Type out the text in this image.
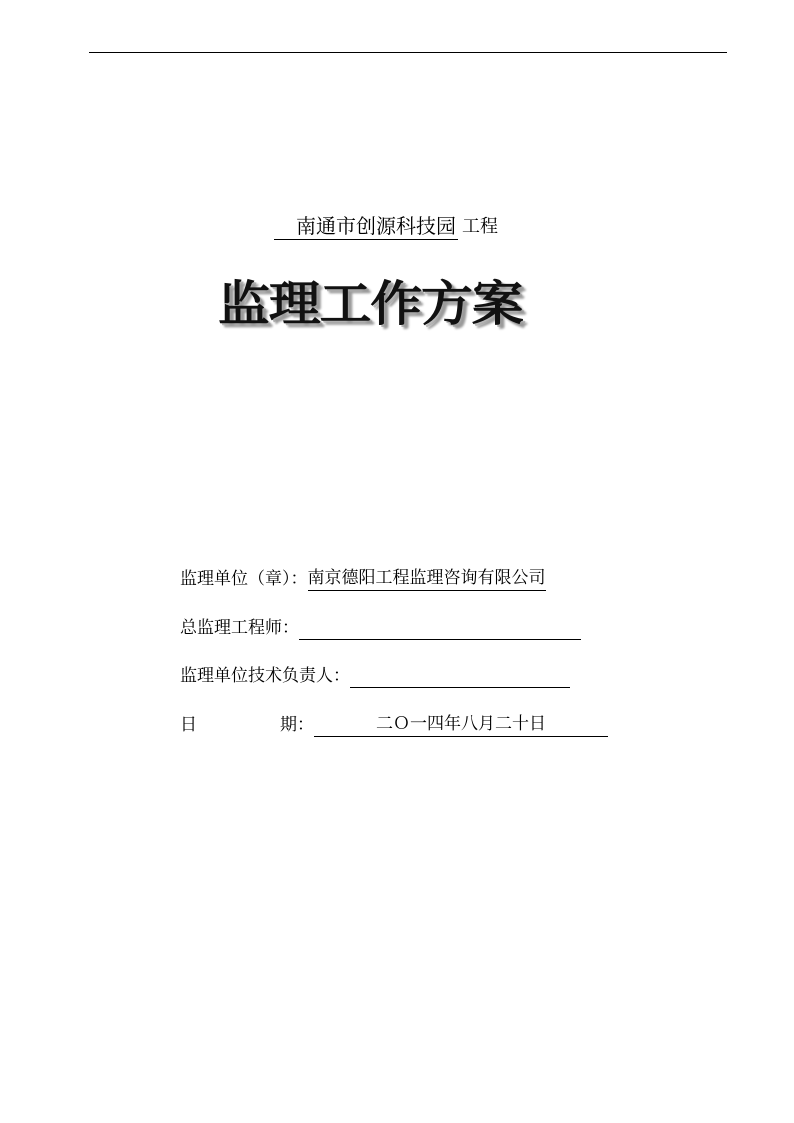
南通市创源科技园 工程
监理工作方案
监理单位（章）： 南京德阳工程监理咨询有限公司
总监理工程师：
监理单位技术负责人：
日	期：	二Ｏ一四年八月二十日
